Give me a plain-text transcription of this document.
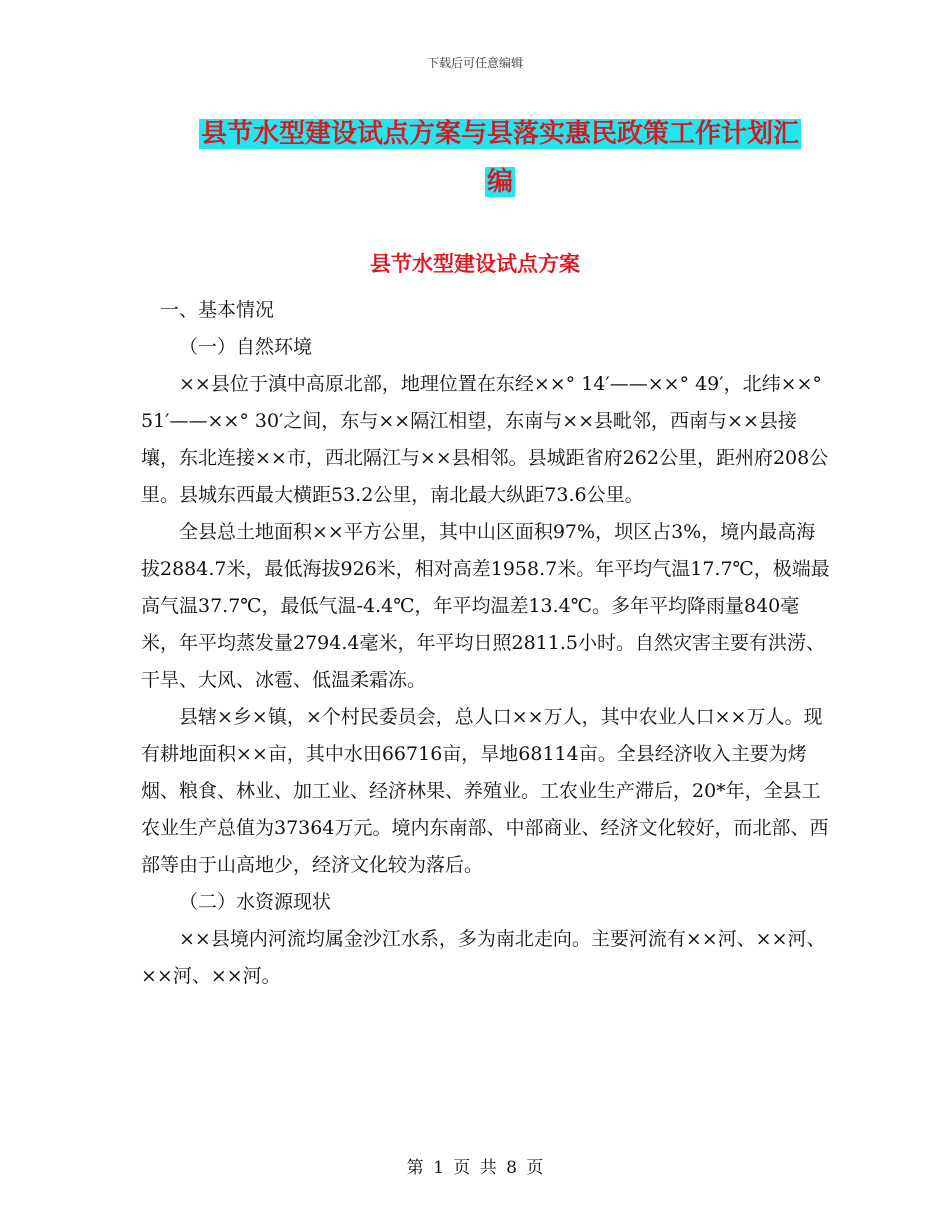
下载后可任意编辑
县节水型建设试点方案与县落实惠民政策工作计划汇
编
县节水型建设试点方案

一、基本情况

（一）自然环境

××县位于滇中高原北部，地理位置在东经××° 14′——××° 49′，北纬××° 51′——××° 30′之间，东与××隔江相望，东南与××县毗邻，西南与××县接壤，东北连接××市，西北隔江与××县相邻。县城距省府262公里，距州府208公里。县城东西最大横距53.2公里，南北最大纵距73.6公里。

全县总土地面积××平方公里，其中山区面积97%，坝区占3%，境内最高海拔2884.7米，最低海拔926米，相对高差1958.7米。年平均气温17.7℃，极端最高气温37.7℃，最低气温-4.4℃，年平均温差13.4℃。多年平均降雨量840毫米，年平均蒸发量2794.4毫米，年平均日照2811.5小时。自然灾害主要有洪涝、干旱、大风、冰雹、低温柔霜冻。

县辖×乡×镇，×个村民委员会，总人口××万人，其中农业人口××万人。现有耕地面积××亩，其中水田66716亩，旱地68114亩。全县经济收入主要为烤烟、粮食、林业、加工业、经济林果、养殖业。工农业生产滞后，20*年，全县工农业生产总值为37364万元。境内东南部、中部商业、经济文化较好，而北部、西部等由于山高地少，经济文化较为落后。

（二）水资源现状

××县境内河流均属金沙江水系，多为南北走向。主要河流有××河、××河、××河、××河。

第 1 页 共 8 页
